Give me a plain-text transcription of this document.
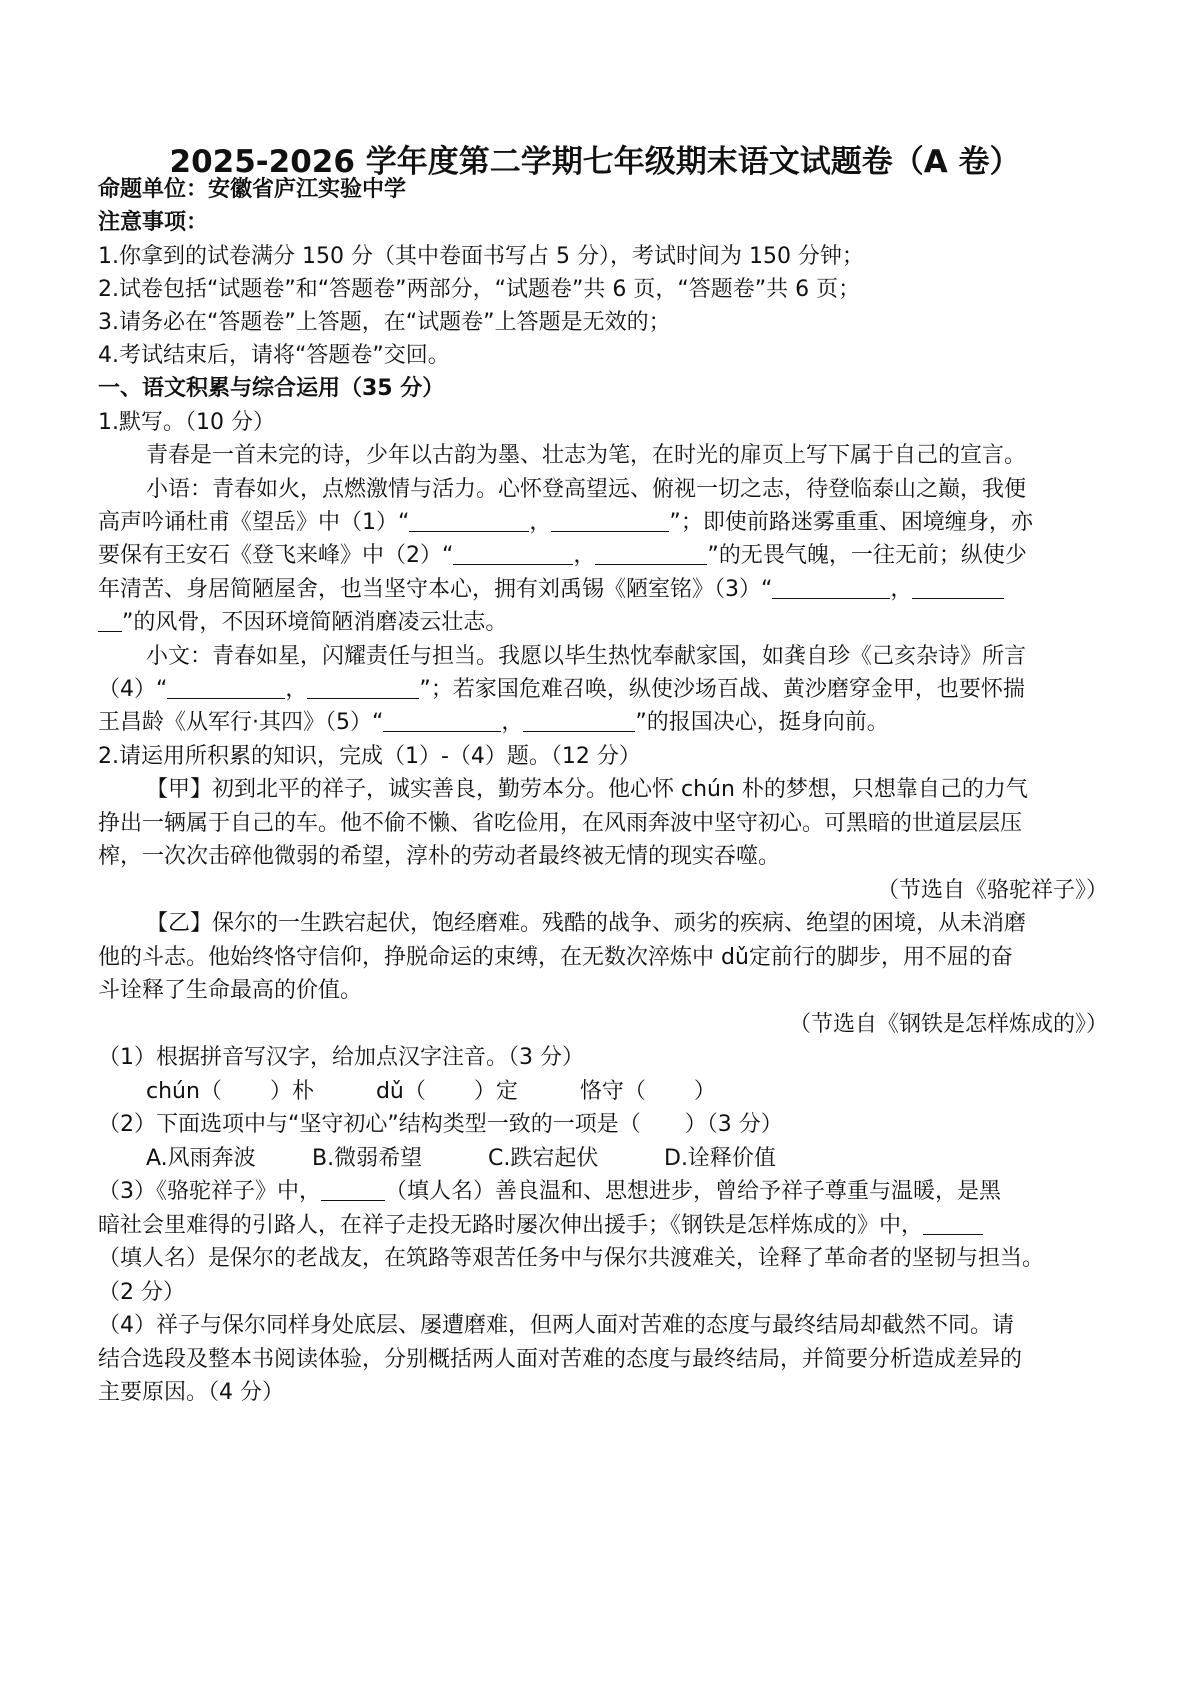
2025-2026 学年度第二学期七年级期末语文试题卷（A 卷）
命题单位：安徽省庐江实验中学
注意事项：
1.你拿到的试卷满分 150 分（其中卷面书写占 5 分），考试时间为 150 分钟；
2.试卷包括“试题卷”和“答题卷”两部分，“试题卷”共 6 页，“答题卷”共 6 页；
3.请务必在“答题卷”上答题，在“试题卷”上答题是无效的；
4.考试结束后，请将“答题卷”交回。
一、语文积累与综合运用（35 分）
1.默写。（10 分）
青春是一首未完的诗，少年以古韵为墨、壮志为笔，在时光的扉页上写下属于自己的宣言。
小语：青春如火，点燃激情与活力。心怀登高望远、俯视一切之志，待登临泰山之巅，我便
高声吟诵杜甫《望岳》中（1）“	，	”；即使前路迷雾重重、困境缠身，亦
要保有王安石《登飞来峰》中（2）“	，	”的无畏气魄，一往无前；纵使少
年清苦、身居简陋屋舍，也当坚守本心，拥有刘禹锡《陋室铭》（3）“	，
”的风骨，不因环境简陋消磨凌云壮志。
小文：青春如星，闪耀责任与担当。我愿以毕生热忱奉献家国，如龚自珍《己亥杂诗》所言
（4）“	，	”；若家国危难召唤，纵使沙场百战、黄沙磨穿金甲，也要怀揣
王昌龄《从军行·其四》（5）“	，	”的报国决心，挺身向前。
2.请运用所积累的知识，完成（1）-（4）题。（12 分）
【甲】初到北平的祥子，诚实善良，勤劳本分。他心怀 chún 朴的梦想，只想靠自己的力气
挣出一辆属于自己的车。他不偷不懒、省吃俭用，在风雨奔波中坚守初心。可黑暗的世道层层压
榨，一次次击碎他微弱的希望，淳朴的劳动者最终被无情的现实吞噬。
（节选自《骆驼祥子》）
【乙】保尔的一生跌宕起伏，饱经磨难。残酷的战争、顽劣的疾病、绝望的困境，从未消磨
他的斗志。他始终恪守信仰，挣脱命运的束缚，在无数次淬炼中 dǔ定前行的脚步，用不屈的奋
斗诠释了生命最高的价值。
（节选自《钢铁是怎样炼成的》）
（1）根据拼音写汉字，给加点汉字注音。（3 分）
chún（ ）朴	dǔ（ ）定	恪守（ ）
（2）下面选项中与“坚守初心”结构类型一致的一项是（　　）（3 分）
A.风雨奔波	B.微弱希望	C.跌宕起伏	D.诠释价值
（3）《骆驼祥子》中，	（填人名）善良温和、思想进步，曾给予祥子尊重与温暖，是黑
暗社会里难得的引路人，在祥子走投无路时屡次伸出援手；《钢铁是怎样炼成的》中，
（填人名）是保尔的老战友，在筑路等艰苦任务中与保尔共渡难关，诠释了革命者的坚韧与担当。
（2 分）
（4）祥子与保尔同样身处底层、屡遭磨难，但两人面对苦难的态度与最终结局却截然不同。请
结合选段及整本书阅读体验，分别概括两人面对苦难的态度与最终结局，并简要分析造成差异的
主要原因。（4 分）
